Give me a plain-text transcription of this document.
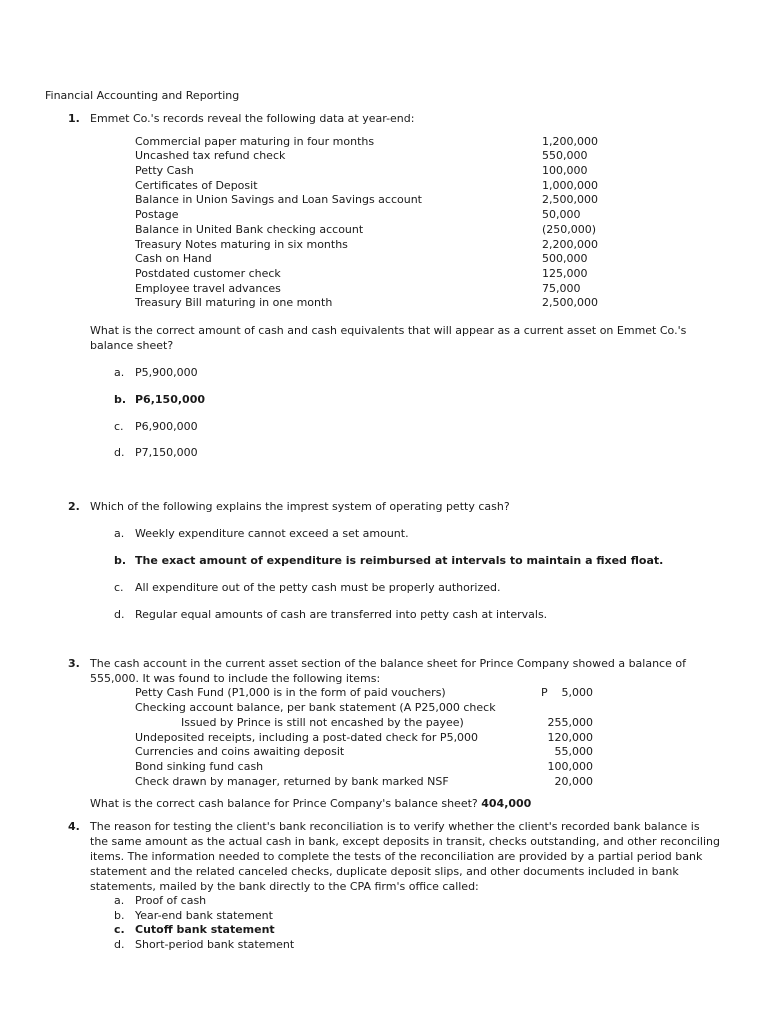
Financial Accounting and Reporting
1. Emmet Co.'s records reveal the following data at year-end:
Commercial paper maturing in four months	1,200,000
Uncashed tax refund check	550,000
Petty Cash	100,000
Certificates of Deposit	1,000,000
Balance in Union Savings and Loan Savings account	2,500,000
Postage	50,000
Balance in United Bank checking account	(250,000)
Treasury Notes maturing in six months	2,200,000
Cash on Hand	500,000
Postdated customer check	125,000
Employee travel advances	75,000
Treasury Bill maturing in one month	2,500,000
What is the correct amount of cash and cash equivalents that will appear as a current asset on Emmet Co.'s
balance sheet?
a. P5,900,000
b. P6,150,000
c. P6,900,000
d. P7,150,000
2. Which of the following explains the imprest system of operating petty cash?
a. Weekly expenditure cannot exceed a set amount.
b. The exact amount of expenditure is reimbursed at intervals to maintain a fixed float.
c. All expenditure out of the petty cash must be properly authorized.
d. Regular equal amounts of cash are transferred into petty cash at intervals.
3. The cash account in the current asset section of the balance sheet for Prince Company showed a balance of
555,000. It was found to include the following items:
Petty Cash Fund (P1,000 is in the form of paid vouchers)	P	5,000
Checking account balance, per bank statement (A P25,000 check
Issued by Prince is still not encashed by the payee)	255,000
Undeposited receipts, including a post-dated check for P5,000	120,000
Currencies and coins awaiting deposit	55,000
Bond sinking fund cash	100,000
Check drawn by manager, returned by bank marked NSF	20,000
What is the correct cash balance for Prince Company's balance sheet? 404,000
4. The reason for testing the client's bank reconciliation is to verify whether the client's recorded bank balance is
the same amount as the actual cash in bank, except deposits in transit, checks outstanding, and other reconciling
items. The information needed to complete the tests of the reconciliation are provided by a partial period bank
statement and the related canceled checks, duplicate deposit slips, and other documents included in bank
statements, mailed by the bank directly to the CPA firm's office called:
a. Proof of cash
b. Year-end bank statement
c. Cutoff bank statement
d. Short-period bank statement
